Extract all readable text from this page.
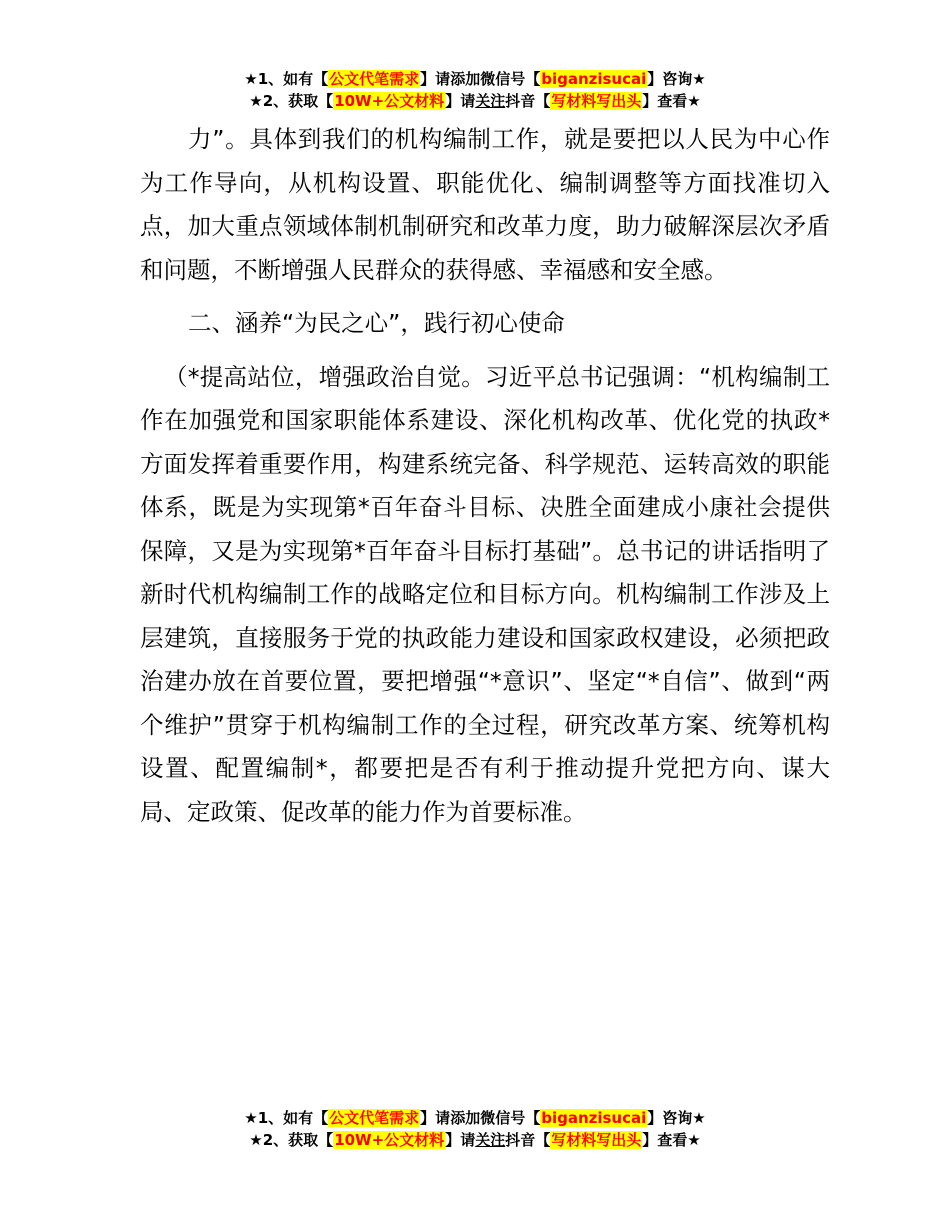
★1、如有【公文代笔需求】请添加微信号【biganzisucai】咨询★
★2、获取【10W+公文材料】请关注抖音【写材料写出头】查看★

力”。具体到我们的机构编制工作，就是要把以人民为中心作为工作导向，从机构设置、职能优化、编制调整等方面找准切入点，加大重点领域体制机制研究和改革力度，助力破解深层次矛盾和问题，不断增强人民群众的获得感、幸福感和安全感。

二、涵养“为民之心”，践行初心使命

（*提高站位，增强政治自觉。习近平总书记强调：“机构编制工作在加强党和国家职能体系建设、深化机构改革、优化党的执政*方面发挥着重要作用，构建系统完备、科学规范、运转高效的职能体系，既是为实现第*百年奋斗目标、决胜全面建成小康社会提供保障，又是为实现第*百年奋斗目标打基础”。总书记的讲话指明了新时代机构编制工作的战略定位和目标方向。机构编制工作涉及上层建筑，直接服务于党的执政能力建设和国家政权建设，必须把政治建办放在首要位置，要把增强“*意识”、坚定“*自信”、做到“两个维护”贯穿于机构编制工作的全过程，研究改革方案、统筹机构设置、配置编制*，都要把是否有利于推动提升党把方向、谋大局、定政策、促改革的能力作为首要标准。

★1、如有【公文代笔需求】请添加微信号【biganzisucai】咨询★
★2、获取【10W+公文材料】请关注抖音【写材料写出头】查看★
